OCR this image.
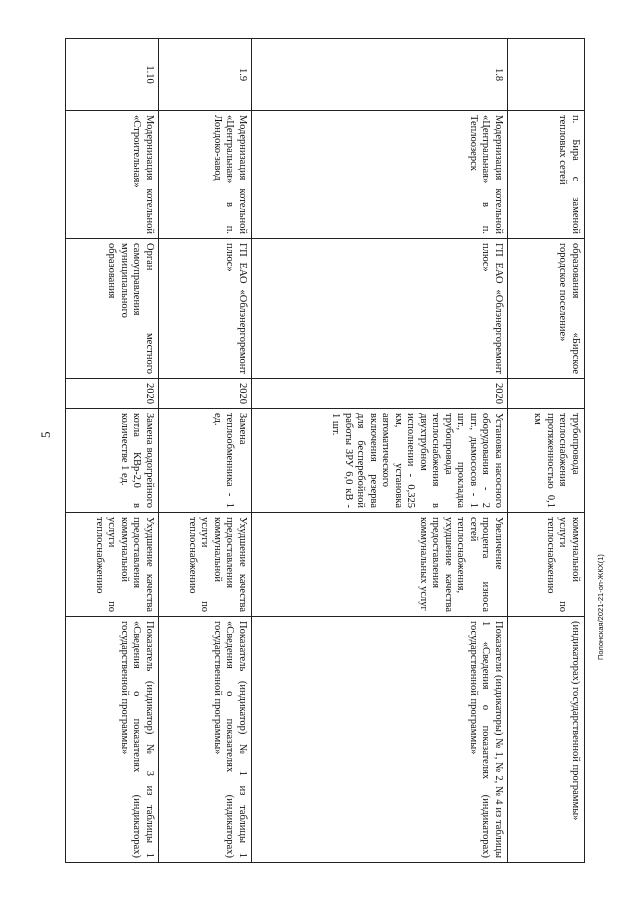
5
	п. Бира с заменой тепловых сетей	образования «Бирское городское поселение»		трубопровода теплоснабжения протяженностью 0,1 км	коммунальной услуги по теплоснабжению	(индикаторах) государственной программы»
1.8	Модернизация котельной «Центральная» в п. Теплоозерск	ГП ЕАО «Облэнергоремонт плюс»	2020	Установка насосного оборудования - 2 шт., дымососов - 1 шт., прокладка трубопровода теплоснабжения в двухтрубном исполнении - 0,325 км, установка автоматического включения резерва для бесперебойной работы ЗРУ 6,0 кВ - 1 шт.	Увеличение процента износа сетей теплоснабжения, ухудшение качества предоставления коммунальных услуг	Показатели (индикаторы) № 1, № 2, № 4 из таблицы 1 «Сведения о показателях (индикаторах) государственной программы»
1.9	Модернизация котельной «Центральная» в п. Лондоко-завод	ГП ЕАО «Облэнергоремонт плюс»	2020	Замена теплообменника - 1 ед.	Ухудшение качества предоставления коммунальной услуги по теплоснабжению	Показатель (индикатор) № 1 из таблицы 1 «Сведения о показателях (индикаторах) государственной программы»
1.10	Модернизация котельной «Строительная»	Орган местного самоуправления муниципального образования	2020	Замена водогрейного котла КВр-2,0 в количестве 1 ед.	Ухудшение качества предоставления коммунальной услуги по теплоснабжению	Показатель (индикатор) № 3 из таблицы 1 «Сведения о показателях (индикаторах) государственной программы»
Полонская/2021-21-оп-ЖКХ(1)
